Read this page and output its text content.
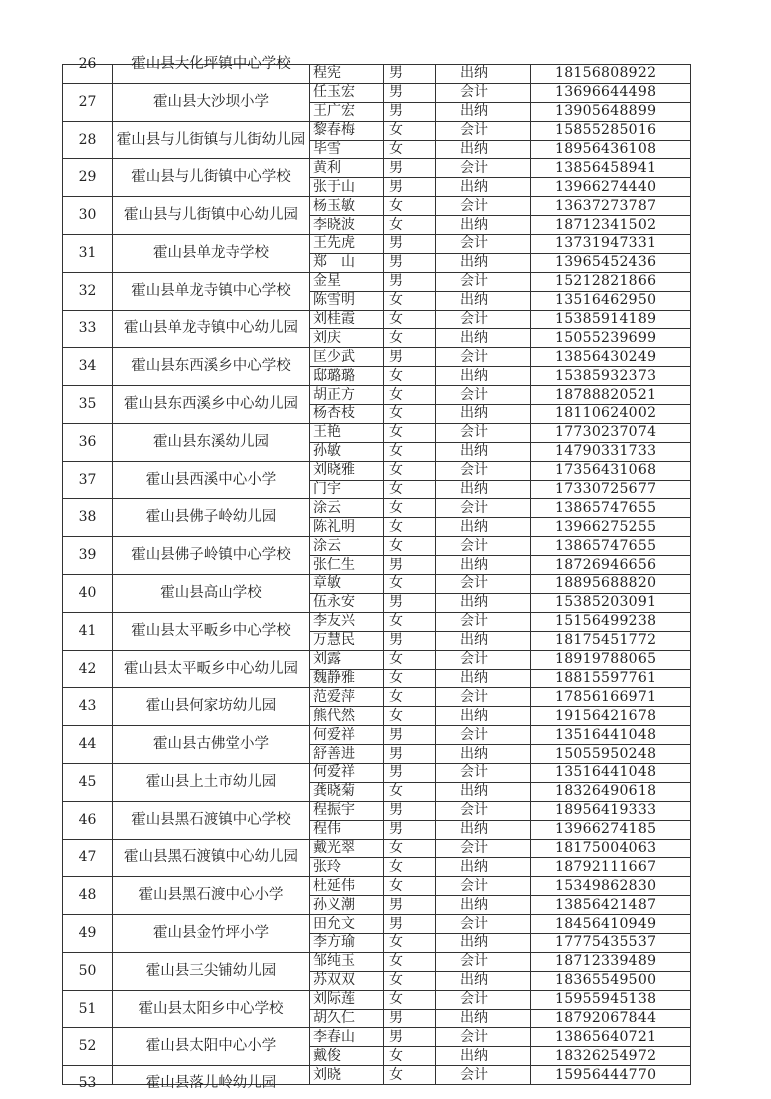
26	霍山县大化坪镇中心学校	程宪	男	出纳	18156808922
27	霍山县大沙坝小学	任玉宏	男	会计	13696644498
		王广宏	男	出纳	13905648899
28	霍山县与儿街镇与儿街幼儿园	黎春梅	女	会计	15855285016
		毕雪	女	出纳	18956436108
29	霍山县与儿街镇中心学校	黄利	男	会计	13856458941
		张于山	男	出纳	13966274440
30	霍山县与儿街镇中心幼儿园	杨玉敏	女	会计	13637273787
		李晓波	女	出纳	18712341502
31	霍山县单龙寺学校	王先虎	男	会计	13731947331
		郑　山	男	出纳	13965452436
32	霍山县单龙寺镇中心学校	金星	男	会计	15212821866
		陈雪明	女	出纳	13516462950
33	霍山县单龙寺镇中心幼儿园	刘桂霞	女	会计	15385914189
		刘庆	女	出纳	15055239699
34	霍山县东西溪乡中心学校	匡少武	男	会计	13856430249
		邸璐璐	女	出纳	15385932373
35	霍山县东西溪乡中心幼儿园	胡正方	女	会计	18788820521
		杨杏枝	女	出纳	18110624002
36	霍山县东溪幼儿园	王艳	女	会计	17730237074
		孙敏	女	出纳	14790331733
37	霍山县西溪中心小学	刘晓雅	女	会计	17356431068
		门宇	女	出纳	17330725677
38	霍山县佛子岭幼儿园	涂云	女	会计	13865747655
		陈礼明	女	出纳	13966275255
39	霍山县佛子岭镇中心学校	涂云	女	会计	13865747655
		张仁生	男	出纳	18726946656
40	霍山县高山学校	章敏	女	会计	18895688820
		伍永安	男	出纳	15385203091
41	霍山县太平畈乡中心学校	李友兴	女	会计	15156499238
		万慧民	男	出纳	18175451772
42	霍山县太平畈乡中心幼儿园	刘露	女	会计	18919788065
		魏静雅	女	出纳	18815597761
43	霍山县何家坊幼儿园	范爱萍	女	会计	17856166971
		熊代然	女	出纳	19156421678
44	霍山县古佛堂小学	何爱祥	男	会计	13516441048
		舒善进	男	出纳	15055950248
45	霍山县上土市幼儿园	何爱祥	男	会计	13516441048
		龚晓菊	女	出纳	18326490618
46	霍山县黑石渡镇中心学校	程振宇	男	会计	18956419333
		程伟	男	出纳	13966274185
47	霍山县黑石渡镇中心幼儿园	戴光翠	女	会计	18175004063
		张玲	女	出纳	18792111667
48	霍山县黑石渡中心小学	杜延伟	女	会计	15349862830
		孙义潮	男	出纳	13856421487
49	霍山县金竹坪小学	田允文	男	会计	18456410949
		李方瑜	女	出纳	17775435537
50	霍山县三尖铺幼儿园	邹纯玉	女	会计	18712339489
		苏双双	女	出纳	18365549500
51	霍山县太阳乡中心学校	刘际莲	女	会计	15955945138
		胡久仁	男	出纳	18792067844
52	霍山县太阳中心小学	李春山	男	会计	13865640721
		戴俊	女	出纳	18326254972

53	霍山县落儿岭幼儿园	刘晓	女	会计	15956444770
